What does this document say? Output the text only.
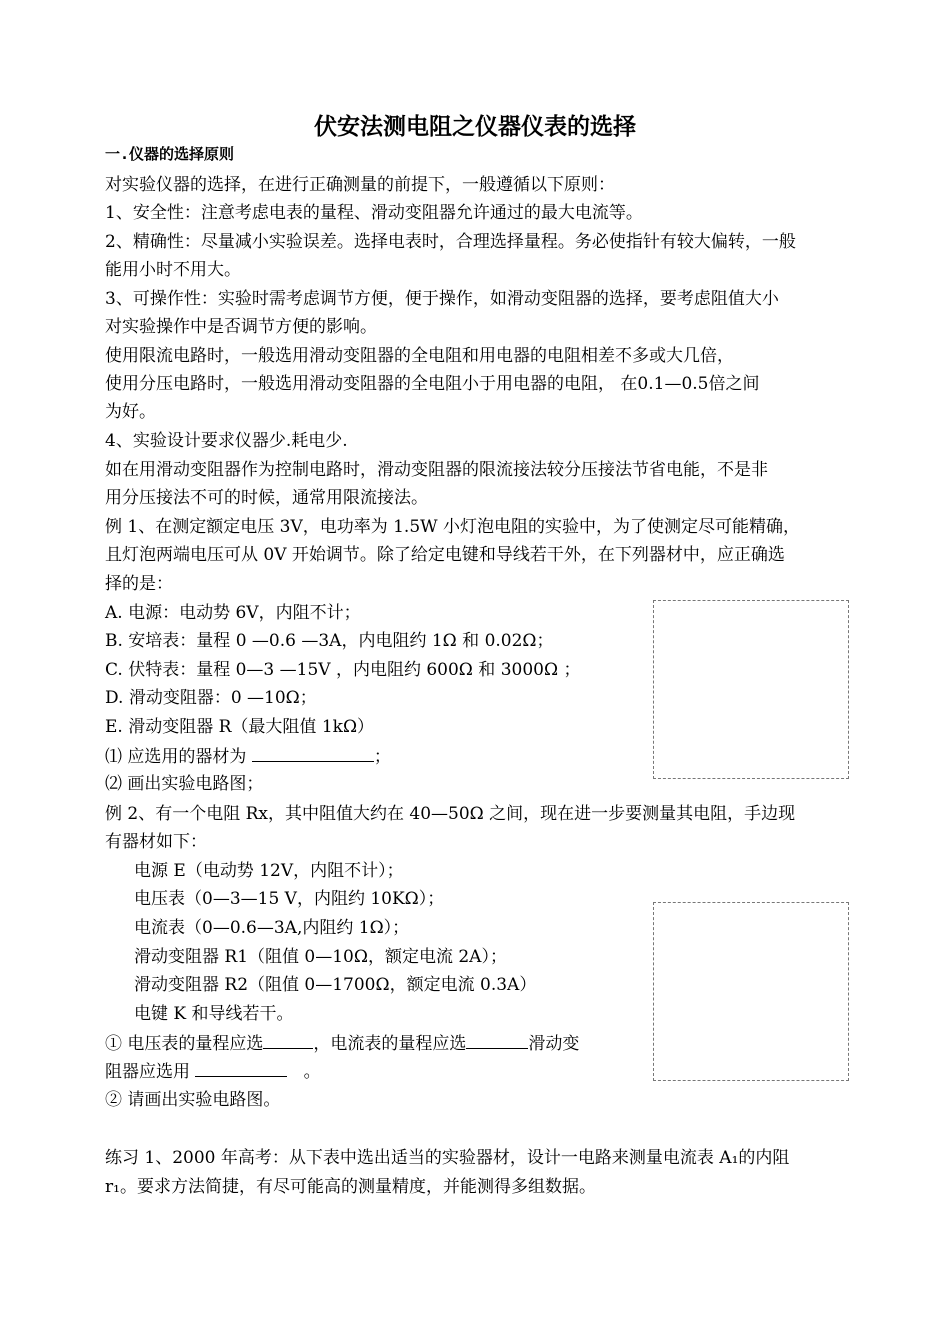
伏安法测电阻之仪器仪表的选择
一.仪器的选择原则
对实验仪器的选择，在进行正确测量的前提下，一般遵循以下原则：
1、安全性：注意考虑电表的量程、滑动变阻器允许通过的最大电流等。
2、精确性：尽量减小实验误差。选择电表时，合理选择量程。务必使指针有较大偏转，一般
能用小时不用大。
3、可操作性：实验时需考虑调节方便，便于操作，如滑动变阻器的选择，要考虑阻值大小
对实验操作中是否调节方便的影响。
使用限流电路时，一般选用滑动变阻器的全电阻和用电器的电阻相差不多或大几倍，
使用分压电路时，一般选用滑动变阻器的全电阻小于用电器的电阻， 在0.1—0.5倍之间
为好。
4、实验设计要求仪器少.耗电少.
如在用滑动变阻器作为控制电路时，滑动变阻器的限流接法较分压接法节省电能，不是非
用分压接法不可的时候，通常用限流接法。
例 1、在测定额定电压 3V，电功率为 1.5W 小灯泡电阻的实验中，为了使测定尽可能精确，
且灯泡两端电压可从 0V 开始调节。除了给定电键和导线若干外，在下列器材中，应正确选
择的是：
A. 电源：电动势 6V，内阻不计；
B. 安培表：量程 0 —0.6 —3A，内电阻约 1Ω 和 0.02Ω；
C. 伏特表：量程 0—3 —15V ，内电阻约 600Ω 和 3000Ω ；
D. 滑动变阻器：0 —10Ω；
E. 滑动变阻器 R（最大阻值 1kΩ）
⑴ 应选用的器材为	；
⑵ 画出实验电路图；
例 2、有一个电阻 Rx，其中阻值大约在 40—50Ω 之间，现在进一步要测量其电阻，手边现
有器材如下：
电源 E（电动势 12V，内阻不计）；
电压表（0—3—15 V，内阻约 10KΩ）；
电流表（0—0.6—3A,内阻约 1Ω）；
滑动变阻器 R1（阻值 0—10Ω，额定电流 2A）；
滑动变阻器 R2（阻值 0—1700Ω，额定电流 0.3A）
电键 K 和导线若干。
① 电压表的量程应选	，电流表的量程应选	滑动变
阻器应选用	。
② 请画出实验电路图。
练习 1、2000 年高考：从下表中选出适当的实验器材，设计一电路来测量电流表 A₁的内阻
r₁。要求方法简捷，有尽可能高的测量精度，并能测得多组数据。
